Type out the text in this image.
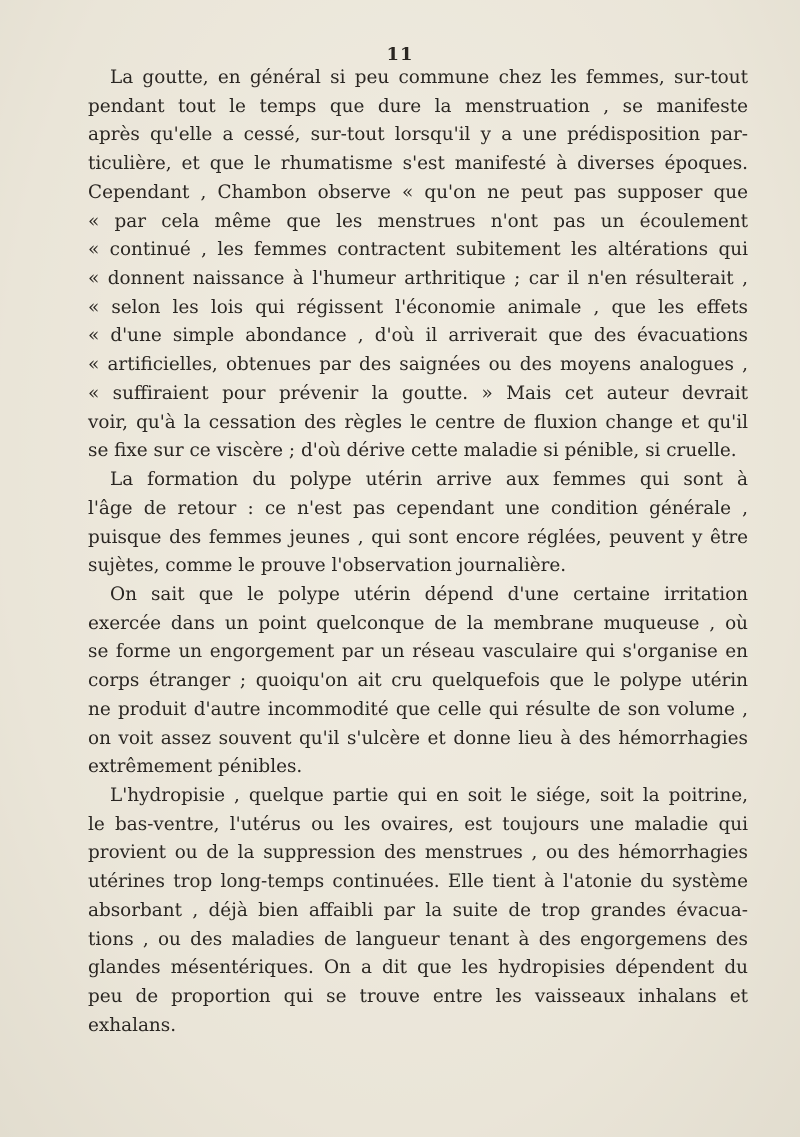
11
La goutte, en général si peu commune chez les femmes, sur-tout
pendant tout le temps que dure la menstruation , se manifeste
après qu'elle a cessé, sur-tout lorsqu'il y a une prédisposition par-
ticulière, et que le rhumatisme s'est manifesté à diverses époques.
Cependant , Chambon observe « qu'on ne peut pas supposer que
« par cela même que les menstrues n'ont pas un écoulement
« continué , les femmes contractent subitement les altérations qui
« donnent naissance à l'humeur arthritique ; car il n'en résulterait ,
« selon les lois qui régissent l'économie animale , que les effets
« d'une simple abondance , d'où il arriverait que des évacuations
« artificielles, obtenues par des saignées ou des moyens analogues ,
« suffiraient pour prévenir la goutte. » Mais cet auteur devrait
voir, qu'à la cessation des règles le centre de fluxion change et qu'il
se fixe sur ce viscère ; d'où dérive cette maladie si pénible, si cruelle.
La formation du polype utérin arrive aux femmes qui sont à
l'âge de retour : ce n'est pas cependant une condition générale ,
puisque des femmes jeunes , qui sont encore réglées, peuvent y être
sujètes, comme le prouve l'observation journalière.
On sait que le polype utérin dépend d'une certaine irritation
exercée dans un point quelconque de la membrane muqueuse , où
se forme un engorgement par un réseau vasculaire qui s'organise en
corps étranger ; quoiqu'on ait cru quelquefois que le polype utérin
ne produit d'autre incommodité que celle qui résulte de son volume ,
on voit assez souvent qu'il s'ulcère et donne lieu à des hémorrhagies
extrêmement pénibles.
L'hydropisie , quelque partie qui en soit le siége, soit la poitrine,
le bas-ventre, l'utérus ou les ovaires, est toujours une maladie qui
provient ou de la suppression des menstrues , ou des hémorrhagies
utérines trop long-temps continuées. Elle tient à l'atonie du système
absorbant , déjà bien affaibli par la suite de trop grandes évacua-
tions , ou des maladies de langueur tenant à des engorgemens des
glandes mésentériques. On a dit que les hydropisies dépendent du
peu de proportion qui se trouve entre les vaisseaux inhalans et
exhalans.
